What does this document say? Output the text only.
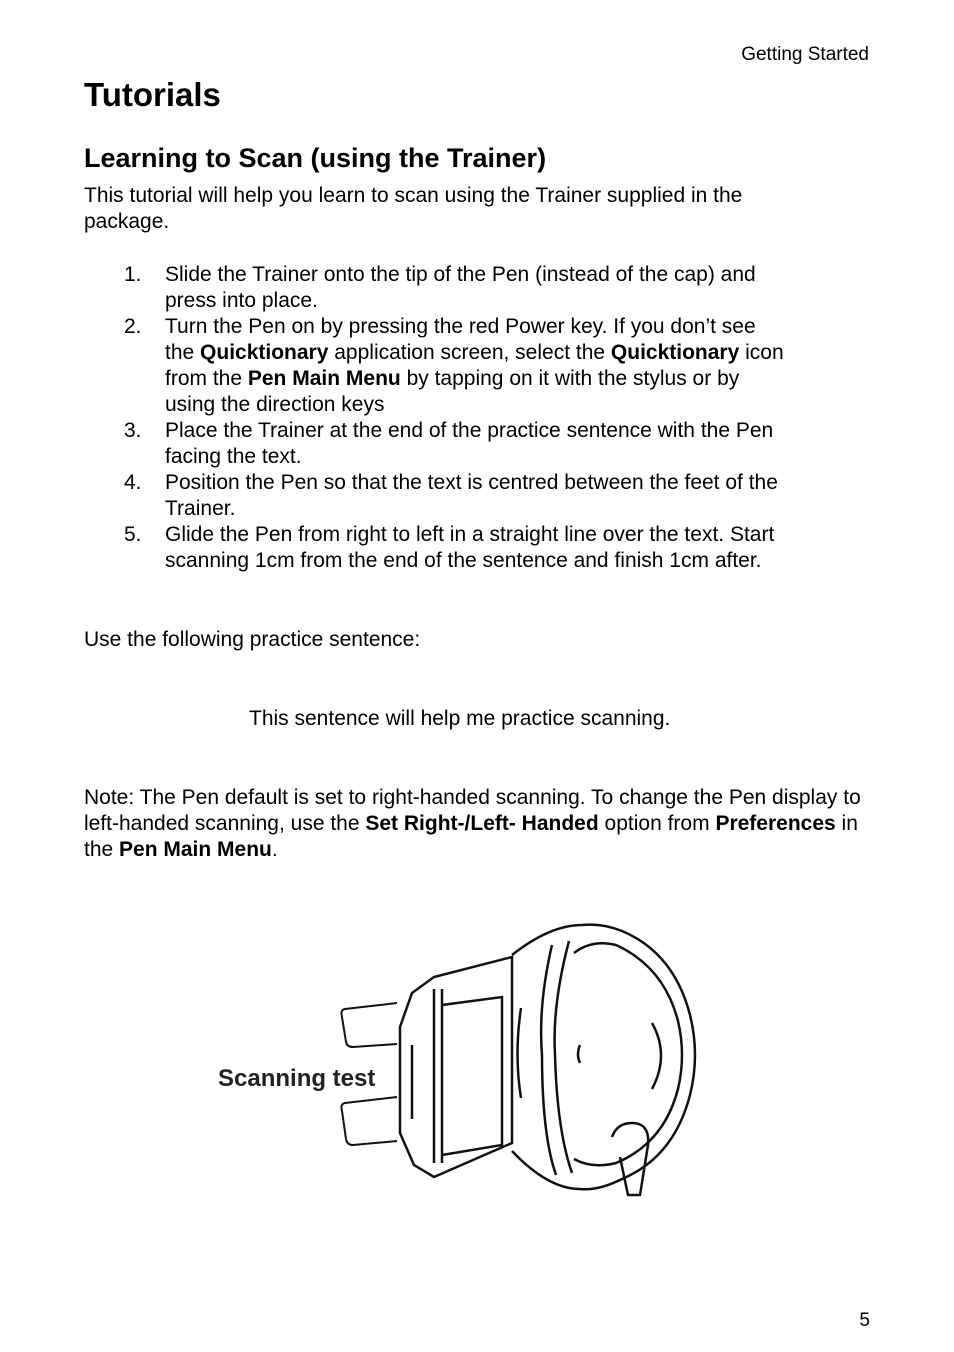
Getting Started
Tutorials
Learning to Scan (using the Trainer)

This tutorial will help you learn to scan using the Trainer supplied in the package.

1. Slide the Trainer onto the tip of the Pen (instead of the cap) and press into place.
2. Turn the Pen on by pressing the red Power key. If you don’t see the Quicktionary application screen, select the Quicktionary icon from the Pen Main Menu by tapping on it with the stylus or by using the direction keys
3. Place the Trainer at the end of the practice sentence with the Pen facing the text.
4. Position the Pen so that the text is centred between the feet of the Trainer.
5. Glide the Pen from right to left in a straight line over the text. Start scanning 1cm from the end of the sentence and finish 1cm after.

Use the following practice sentence:

This sentence will help me practice scanning.

Note: The Pen default is set to right-handed scanning. To change the Pen display to left-handed scanning, use the Set Right-/Left- Handed option from Preferences in the Pen Main Menu.

Scanning test
5
